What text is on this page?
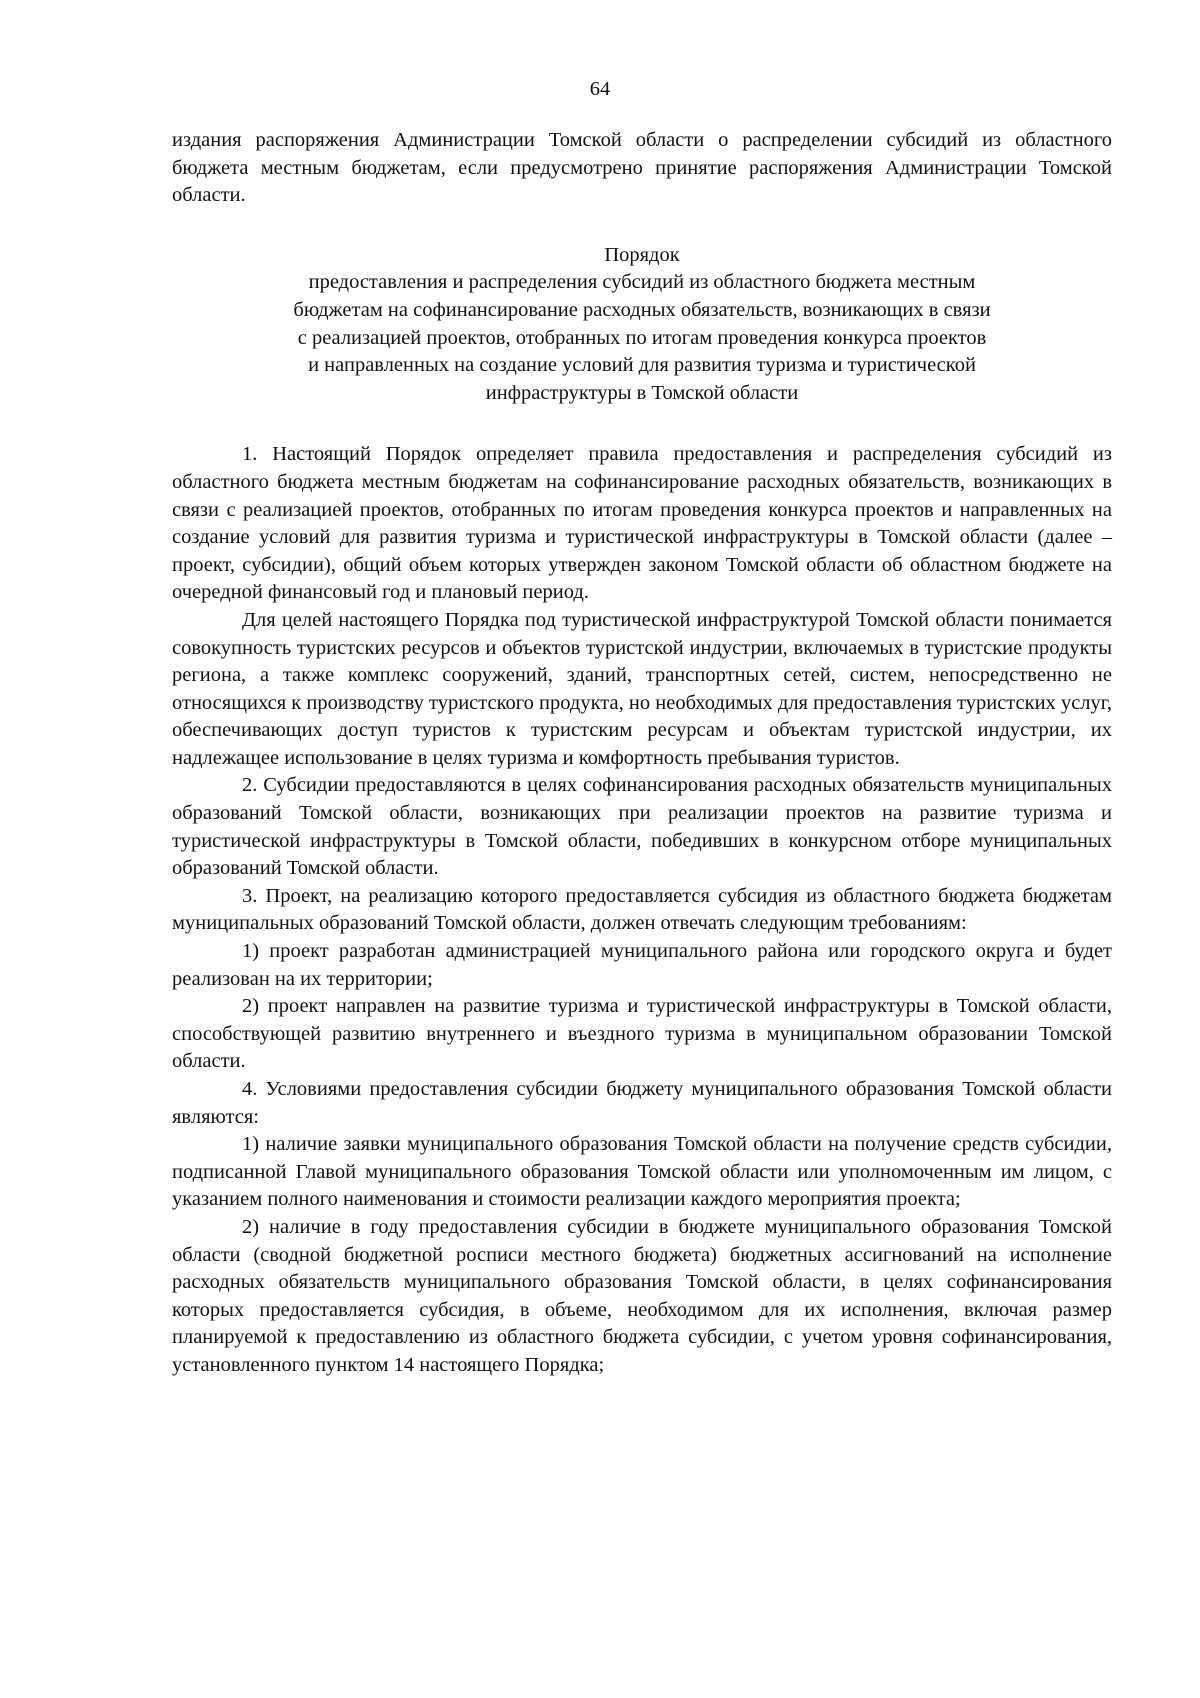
64

издания распоряжения Администрации Томской области о распределении субсидий из областного бюджета местным бюджетам, если предусмотрено принятие распоряжения Администрации Томской области.

Порядок
предоставления и распределения субсидий из областного бюджета местным
бюджетам на софинансирование расходных обязательств, возникающих в связи
с реализацией проектов, отобранных по итогам проведения конкурса проектов
и направленных на создание условий для развития туризма и туристической
инфраструктуры в Томской области

1. Настоящий Порядок определяет правила предоставления и распределения субсидий из областного бюджета местным бюджетам на софинансирование расходных обязательств, возникающих в связи с реализацией проектов, отобранных по итогам проведения конкурса проектов и направленных на создание условий для развития туризма и туристической инфраструктуры в Томской области (далее – проект, субсидии), общий объем которых утвержден законом Томской области об областном бюджете на очередной финансовый год и плановый период.

Для целей настоящего Порядка под туристической инфраструктурой Томской области понимается совокупность туристских ресурсов и объектов туристской индустрии, включаемых в туристские продукты региона, а также комплекс сооружений, зданий, транспортных сетей, систем, непосредственно не относящихся к производству туристского продукта, но необходимых для предоставления туристских услуг, обеспечивающих доступ туристов к туристским ресурсам и объектам туристской индустрии, их надлежащее использование в целях туризма и комфортность пребывания туристов.

2. Субсидии предоставляются в целях софинансирования расходных обязательств муниципальных образований Томской области, возникающих при реализации проектов на развитие туризма и туристической инфраструктуры в Томской области, победивших в конкурсном отборе муниципальных образований Томской области.

3. Проект, на реализацию которого предоставляется субсидия из областного бюджета бюджетам муниципальных образований Томской области, должен отвечать следующим требованиям:

1) проект разработан администрацией муниципального района или городского округа и будет реализован на их территории;

2) проект направлен на развитие туризма и туристической инфраструктуры в Томской области, способствующей развитию внутреннего и въездного туризма в муниципальном образовании Томской области.

4. Условиями предоставления субсидии бюджету муниципального образования Томской области являются:

1) наличие заявки муниципального образования Томской области на получение средств субсидии, подписанной Главой муниципального образования Томской области или уполномоченным им лицом, с указанием полного наименования и стоимости реализации каждого мероприятия проекта;

2) наличие в году предоставления субсидии в бюджете муниципального образования Томской области (сводной бюджетной росписи местного бюджета) бюджетных ассигнований на исполнение расходных обязательств муниципального образования Томской области, в целях софинансирования которых предоставляется субсидия, в объеме, необходимом для их исполнения, включая размер планируемой к предоставлению из областного бюджета субсидии, с учетом уровня софинансирования, установленного пунктом 14 настоящего Порядка;
